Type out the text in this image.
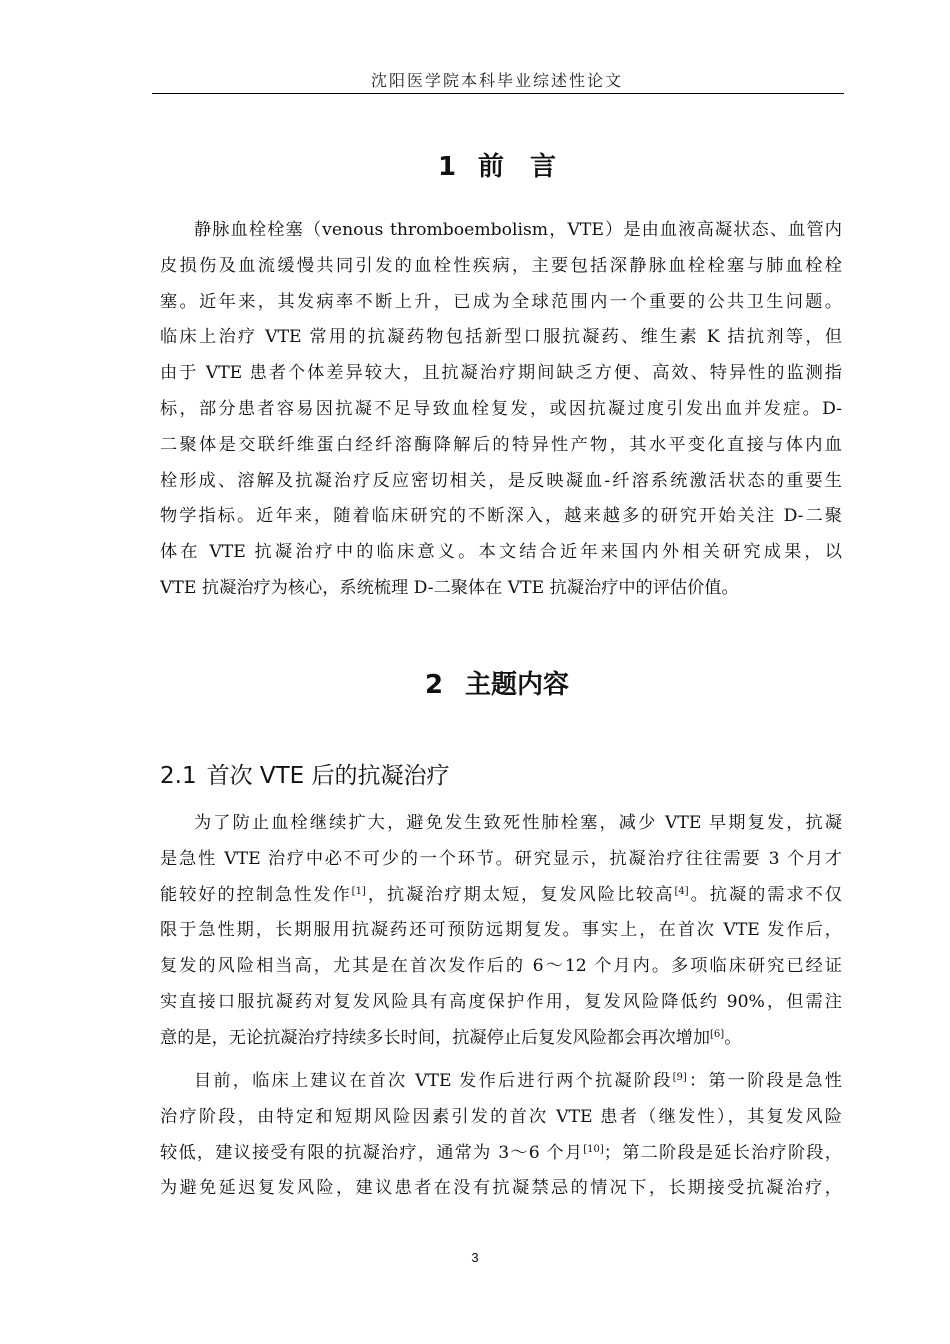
沈阳医学院本科毕业综述性论文
1 前　言
静脉血栓栓塞（venous thromboembolism，VTE）是由血液高凝状态、血管内
皮损伤及血流缓慢共同引发的血栓性疾病，主要包括深静脉血栓栓塞与肺血栓栓
塞。近年来，其发病率不断上升，已成为全球范围内一个重要的公共卫生问题。
临床上治疗 VTE 常用的抗凝药物包括新型口服抗凝药、维生素 K 拮抗剂等，但
由于 VTE 患者个体差异较大，且抗凝治疗期间缺乏方便、高效、特异性的监测指
标，部分患者容易因抗凝不足导致血栓复发，或因抗凝过度引发出血并发症。D-
二聚体是交联纤维蛋白经纤溶酶降解后的特异性产物，其水平变化直接与体内血
栓形成、溶解及抗凝治疗反应密切相关，是反映凝血-纤溶系统激活状态的重要生
物学指标。近年来，随着临床研究的不断深入，越来越多的研究开始关注 D-二聚
体在 VTE 抗凝治疗中的临床意义。本文结合近年来国内外相关研究成果，以
VTE 抗凝治疗为核心，系统梳理 D-二聚体在 VTE 抗凝治疗中的评估价值。
2 主题内容
2.1 首次 VTE 后的抗凝治疗
为了防止血栓继续扩大，避免发生致死性肺栓塞，减少 VTE 早期复发，抗凝
是急性 VTE 治疗中必不可少的一个环节。研究显示，抗凝治疗往往需要 3 个月才
能较好的控制急性发作[1]，抗凝治疗期太短，复发风险比较高[4]。抗凝的需求不仅
限于急性期，长期服用抗凝药还可预防远期复发。事实上，在首次 VTE 发作后，
复发的风险相当高，尤其是在首次发作后的 6～12 个月内。多项临床研究已经证
实直接口服抗凝药对复发风险具有高度保护作用，复发风险降低约 90%，但需注
意的是，无论抗凝治疗持续多长时间，抗凝停止后复发风险都会再次增加[6]。
目前，临床上建议在首次 VTE 发作后进行两个抗凝阶段[9]：第一阶段是急性
治疗阶段，由特定和短期风险因素引发的首次 VTE 患者（继发性），其复发风险
较低，建议接受有限的抗凝治疗，通常为 3～6 个月[10]；第二阶段是延长治疗阶段，
为避免延迟复发风险，建议患者在没有抗凝禁忌的情况下，长期接受抗凝治疗，
3
